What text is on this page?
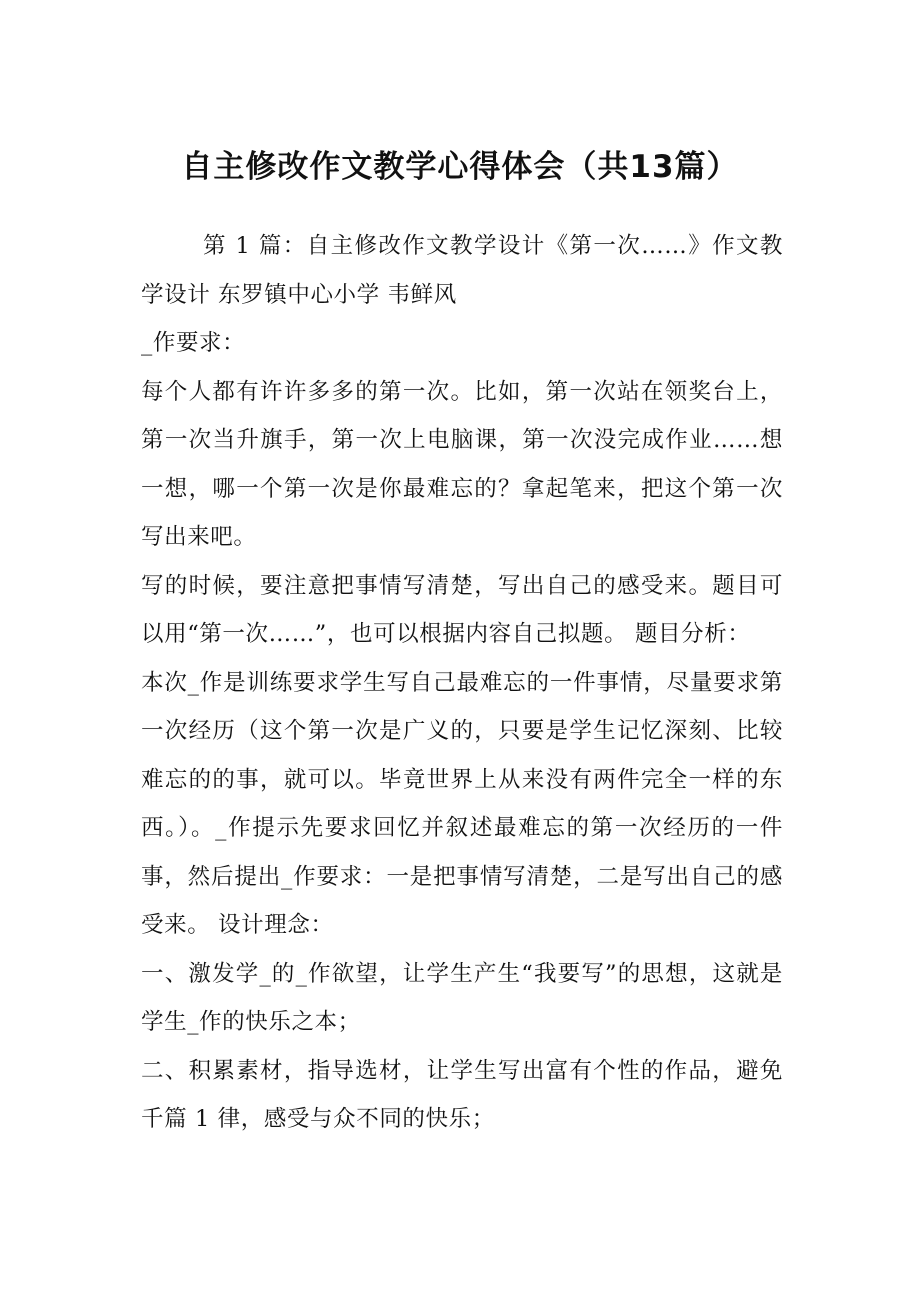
自主修改作文教学心得体会（共13篇）

第 1 篇：自主修改作文教学设计《第一次……》作文教学设计 东罗镇中心小学 韦鲜风

_作要求：

每个人都有许许多多的第一次。比如，第一次站在领奖台上，第一次当升旗手，第一次上电脑课，第一次没完成作业……想一想，哪一个第一次是你最难忘的？拿起笔来，把这个第一次写出来吧。

写的时候，要注意把事情写清楚，写出自己的感受来。题目可以用“第一次……”，也可以根据内容自己拟题。 题目分析：

本次_作是训练要求学生写自己最难忘的一件事情，尽量要求第一次经历（这个第一次是广义的，只要是学生记忆深刻、比较难忘的的事，就可以。毕竟世界上从来没有两件完全一样的东西。）。_作提示先要求回忆并叙述最难忘的第一次经历的一件事，然后提出_作要求：一是把事情写清楚，二是写出自己的感受来。 设计理念：

一、激发学_的_作欲望，让学生产生“我要写”的思想，这就是学生_作的快乐之本；

二、积累素材，指导选材，让学生写出富有个性的作品，避免千篇 1 律，感受与众不同的快乐；
